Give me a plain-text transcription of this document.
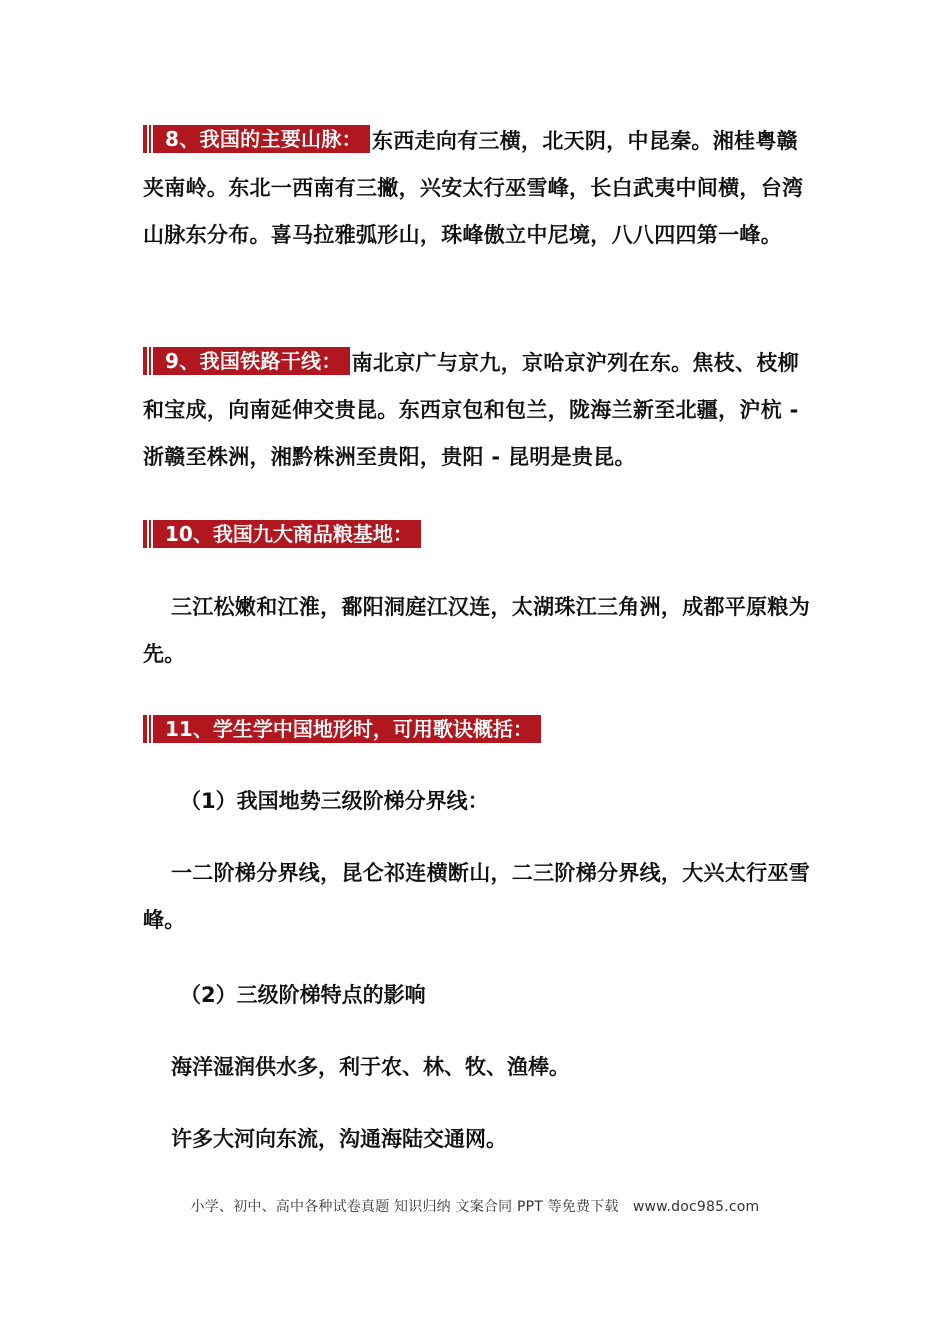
8、我国的主要山脉： 东西走向有三横，北天阴，中昆秦。湘桂粤赣夹南岭。东北一西南有三撇，兴安太行巫雪峰，长白武夷中间横，台湾山脉东分布。喜马拉雅弧形山，珠峰傲立中尼境，八八四四第一峰。

9、我国铁路干线： 南北京广与京九，京哈京沪列在东。焦枝、枝柳和宝成，向南延伸交贵昆。东西京包和包兰，陇海兰新至北疆，沪杭 - 浙赣至株洲，湘黔株洲至贵阳，贵阳 - 昆明是贵昆。

10、我国九大商品粮基地：

三江松嫩和江淮，鄱阳洞庭江汉连，太湖珠江三角洲，成都平原粮为先。

11、学生学中国地形时，可用歌诀概括：

（1）我国地势三级阶梯分界线：

一二阶梯分界线，昆仑祁连横断山，二三阶梯分界线，大兴太行巫雪峰。

（2）三级阶梯特点的影响

海洋湿润供水多，利于农、林、牧、渔棒。

许多大河向东流，沟通海陆交通网。

小学、初中、高中各种试卷真题 知识归纳 文案合同 PPT 等免费下载　www.doc985.com
